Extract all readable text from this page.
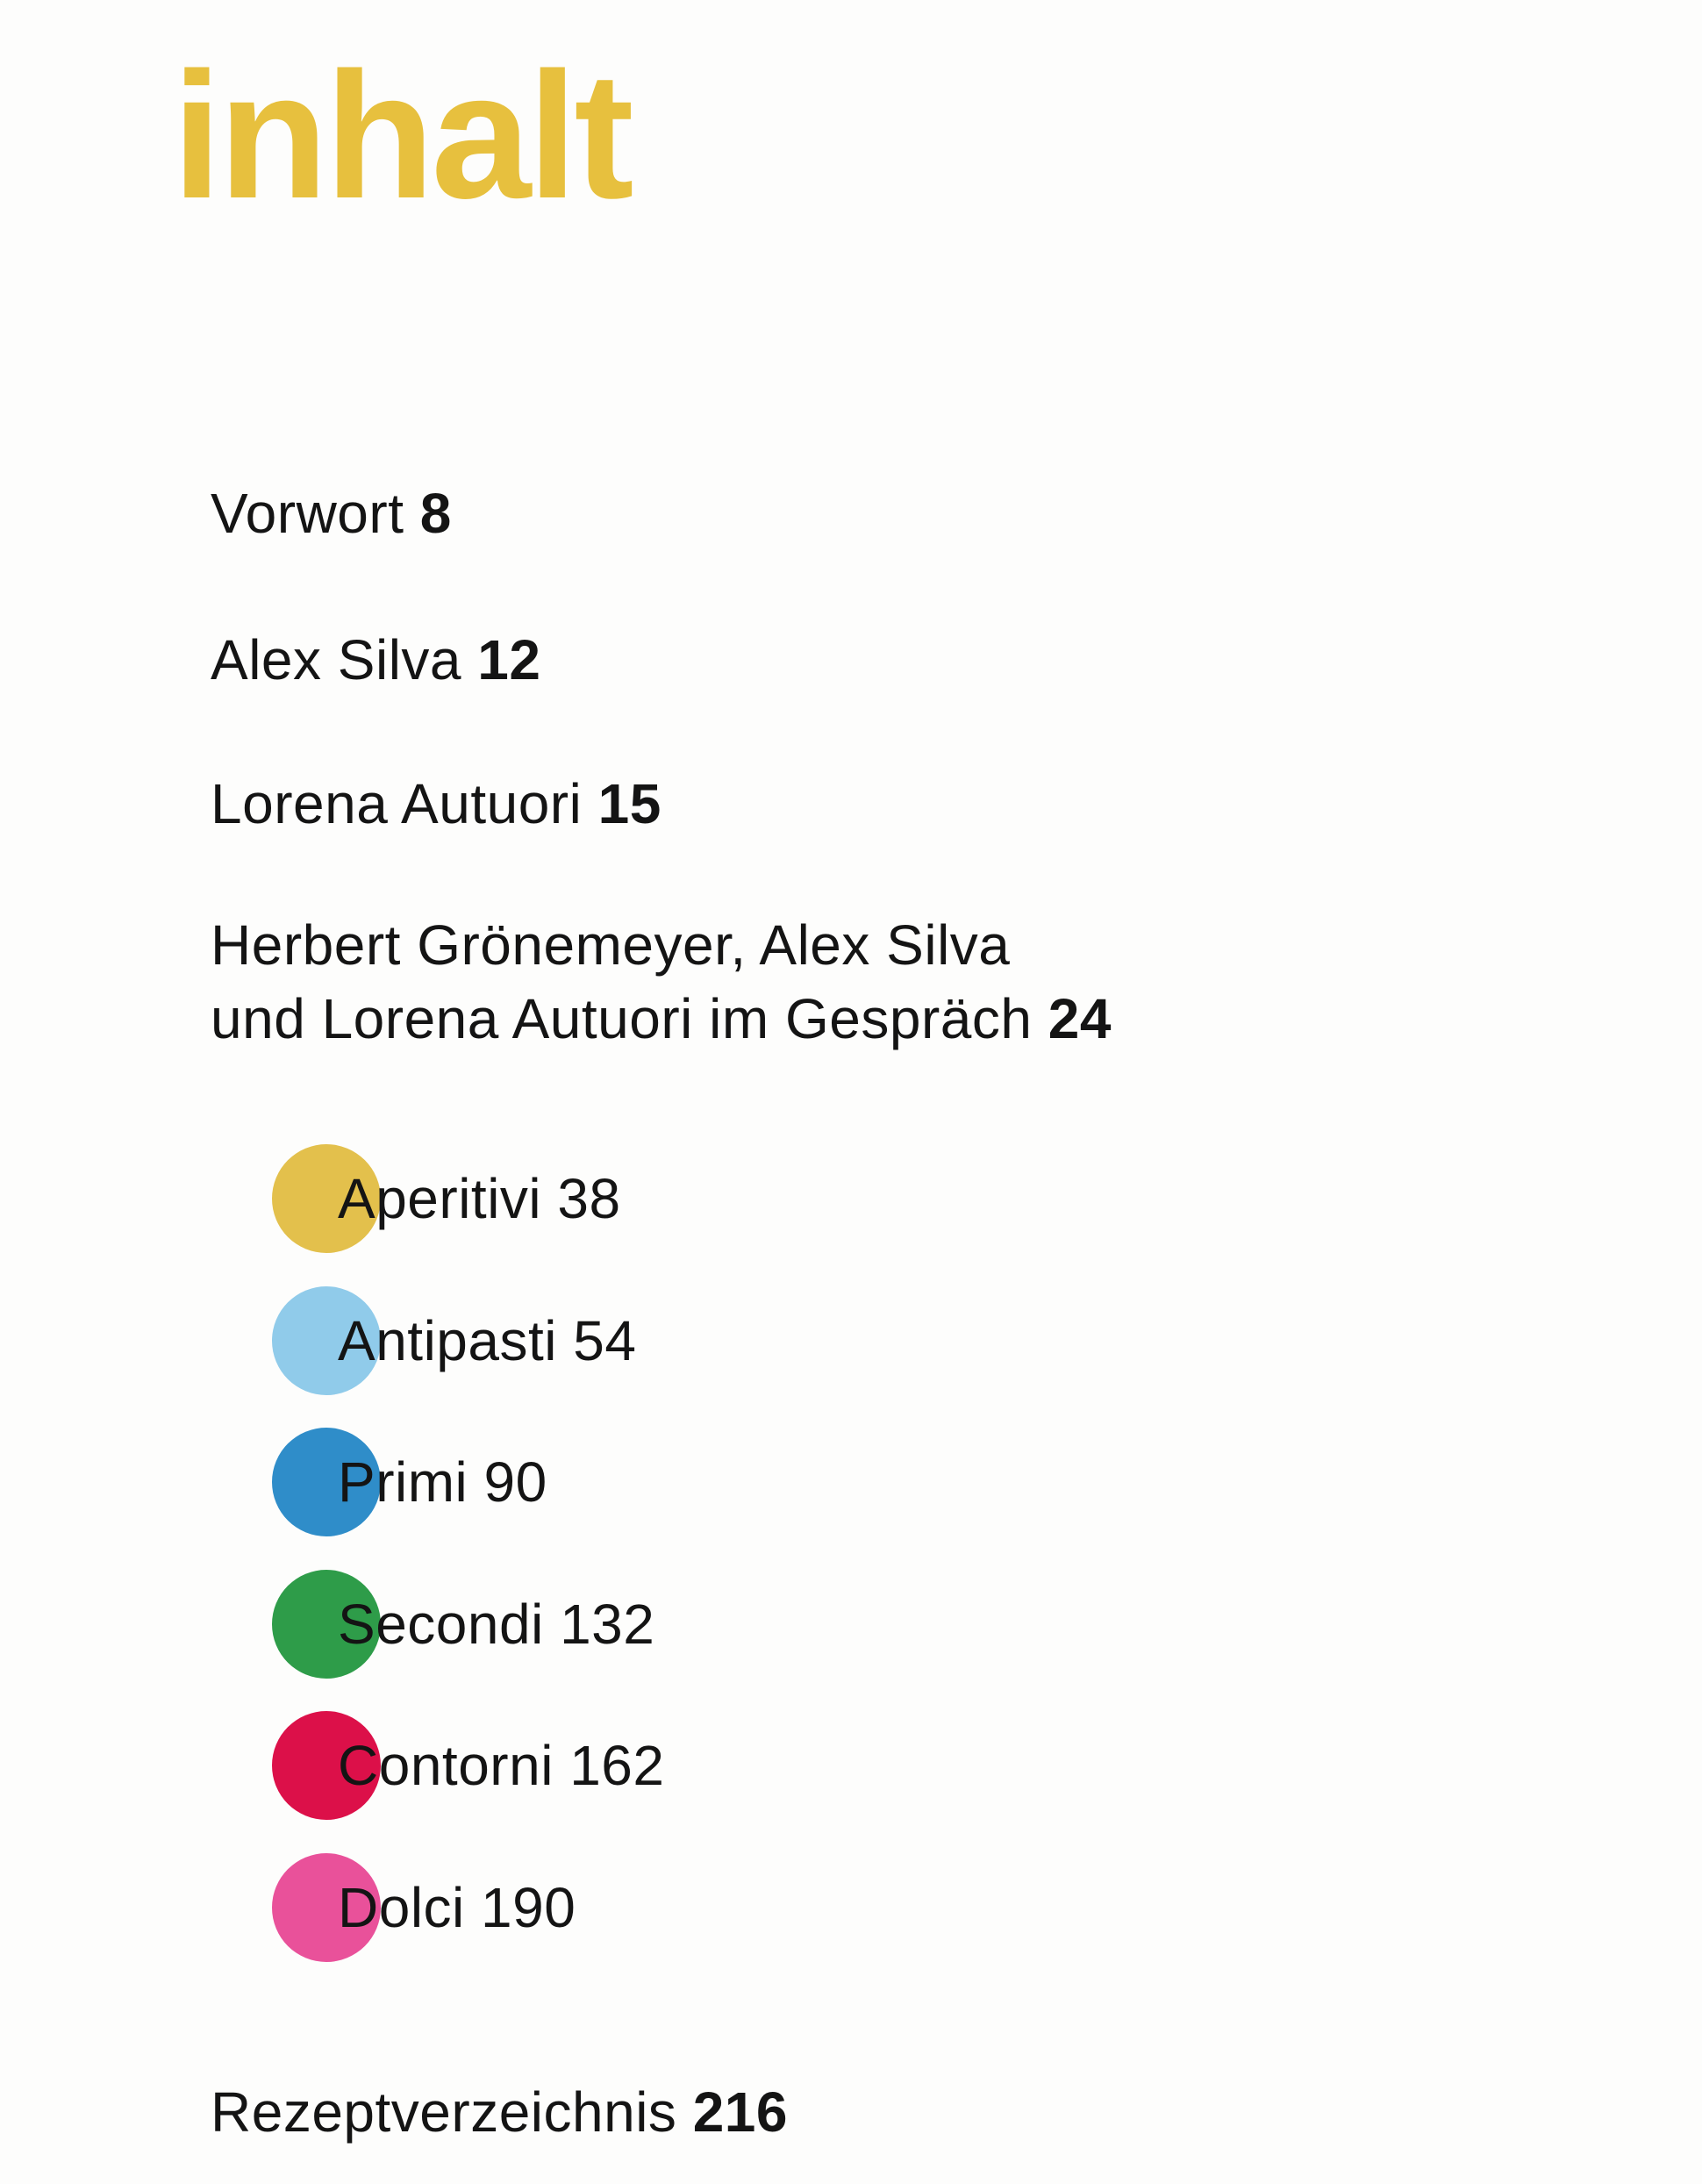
inhalt
Vorwort 8
Alex Silva 12
Lorena Autuori 15
Herbert Grönemeyer, Alex Silva
und Lorena Autuori im Gespräch 24
Aperitivi 38
Antipasti 54
Primi 90
Secondi 132
Contorni 162
Dolci 190
Rezeptverzeichnis 216
